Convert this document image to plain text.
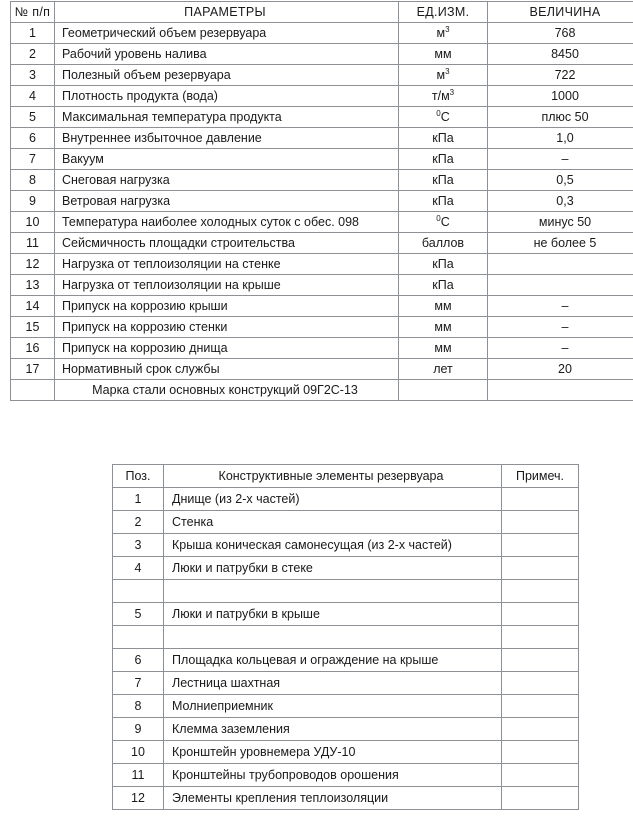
№ п/п	ПАРАМЕТРЫ	ЕД.ИЗМ.	ВЕЛИЧИНА
1	Геометрический объем резервуара	$м^3$	768
2	Рабочий уровень налива	мм	8450
3	Полезный объем резервуара	$м^3$	722
4	Плотность продукта (вода)	$т/м^3$	1000
5	Максимальная температура продукта	$^0$С	плюс 50
6	Внутреннее избыточное давление	кПа	1,0
7	Вакуум	кПа	–
8	Снеговая нагрузка	кПа	0,5
9	Ветровая нагрузка	кПа	0,3
10	Температура наиболее холодных суток с обес. 098	$^0$С	минус 50
11	Сейсмичность площадки строительства	баллов	не более 5
12	Нагрузка от теплоизоляции на стенке	кПа	
13	Нагрузка от теплоизоляции на крыше	кПа	
14	Припуск на коррозию крыши	мм	–
15	Припуск на коррозию стенки	мм	–
16	Припуск на коррозию днища	мм	–
17	Нормативный срок службы	лет	20
	Марка стали основных конструкций 09Г2С-13		
Поз.	Конструктивные элементы резервуара	Примеч.
1	Днище (из 2-х частей)	
2	Стенка	
3	Крыша коническая самонесущая (из 2-х частей)	
4	Люки и патрубки в стеке	

5	Люки и патрубки в крыше	

6	Площадка кольцевая и ограждение на крыше	
7	Лестница шахтная	
8	Молниеприемник	
9	Клемма заземления	
10	Кронштейн уровнемера УДУ-10	
11	Кронштейны трубопроводов орошения	
12	Элементы крепления теплоизоляции	
